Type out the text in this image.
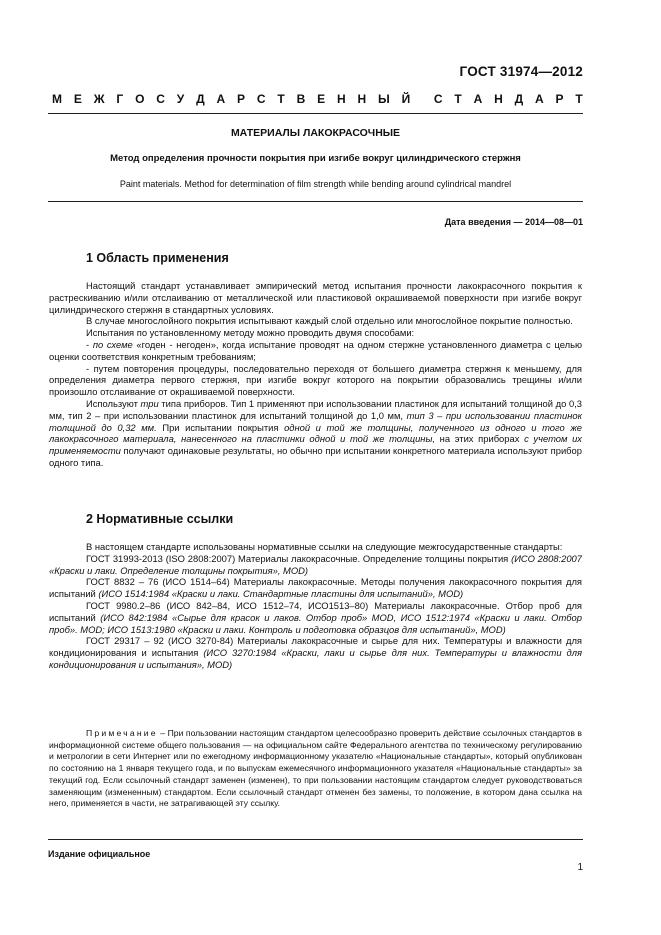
ГОСТ 31974—2012
М Е Ж Г О С У Д А Р С Т В Е Н Н Ы Й С Т А Н Д А Р Т
МАТЕРИАЛЫ ЛАКОКРАСОЧНЫЕ
Метод определения прочности покрытия при изгибе вокруг цилиндрического стержня
Paint materials. Method for determination of film strength while bending around cylindrical mandrel
Дата введения — 2014—08—01
1 Область применения

Настоящий стандарт устанавливает эмпирический метод испытания прочности лакокрасочного покрытия к растрескиванию и/или отслаиванию от металлической или пластиковой окрашиваемой поверхности при изгибе вокруг цилиндрического стержня в стандартных условиях.

В случае многослойного покрытия испытывают каждый слой отдельно или многослойное покрытие полностью.

Испытания по установленному методу можно проводить двумя способами:

- по схеме «годен - негоден», когда испытание проводят на одном стержне установленного диаметра с целью оценки соответствия конкретным требованиям;

- путем повторения процедуры, последовательно переходя от большего диаметра стержня к меньшему, для определения диаметра первого стержня, при изгибе вокруг которого на покрытии образовались трещины и/или произошло отслаивание от окрашиваемой поверхности.

Используют три типа приборов. Тип 1 применяют при использовании пластинок для испытаний толщиной до 0,3 мм, тип 2 – при использовании пластинок для испытаний толщиной до 1,0 мм, тип 3 – при использовании пластинок толщиной до 0,32 мм. При испытании покрытия одной и той же толщины, полученного из одного и того же лакокрасочного материала, нанесенного на пластинки одной и той же толщины, на этих приборах с учетом их применяемости получают одинаковые результаты, но обычно при испытании конкретного материала используют прибор одного типа.

2 Нормативные ссылки

В настоящем стандарте использованы нормативные ссылки на следующие межгосударственные стандарты:

ГОСТ 31993-2013 (ISO 2808:2007) Материалы лакокрасочные. Определение толщины покрытия (ИСО 2808:2007 «Краски и лаки. Определение толщины покрытия», MOD)

ГОСТ 8832 – 76 (ИСО 1514–64) Материалы лакокрасочные. Методы получения лакокрасочного покрытия для испытаний (ИСО 1514:1984 «Краски и лаки. Стандартные пластины для испытаний», MOD)

ГОСТ 9980.2–86 (ИСО 842–84, ИСО 1512–74, ИСО1513–80) Материалы лакокрасочные. Отбор проб для испытаний (ИСО 842:1984 «Сырье для красок и лаков. Отбор проб» MOD, ИСО 1512:1974 «Краски и лаки. Отбор проб». MOD; ИСО 1513:1980 «Краски и лаки. Контроль и подготовка образцов для испытаний», MOD)

ГОСТ 29317 – 92 (ИСО 3270-84) Материалы лакокрасочные и сырье для них. Температуры и влажности для кондиционирования и испытания (ИСО 3270:1984 «Краски, лаки и сырье для них. Температуры и влажности для кондиционирования и испытания», MOD)

Примечание – При пользовании настоящим стандартом целесообразно проверить действие ссылочных стандартов в информационной системе общего пользования — на официальном сайте Федерального агентства по техническому регулированию и метрологии в сети Интернет или по ежегодному информационному указателю «Национальные стандарты», который опубликован по состоянию на 1 января текущего года, и по выпускам ежемесячного информационного указателя «Национальные стандарты» за текущий год. Если ссылочный стандарт заменен (изменен), то при пользовании настоящим стандартом следует руководствоваться заменяющим (измененным) стандартом. Если ссылочный стандарт отменен без замены, то положение, в котором дана ссылка на него, применяется в части, не затрагивающей эту ссылку.

Издание официальное
1
